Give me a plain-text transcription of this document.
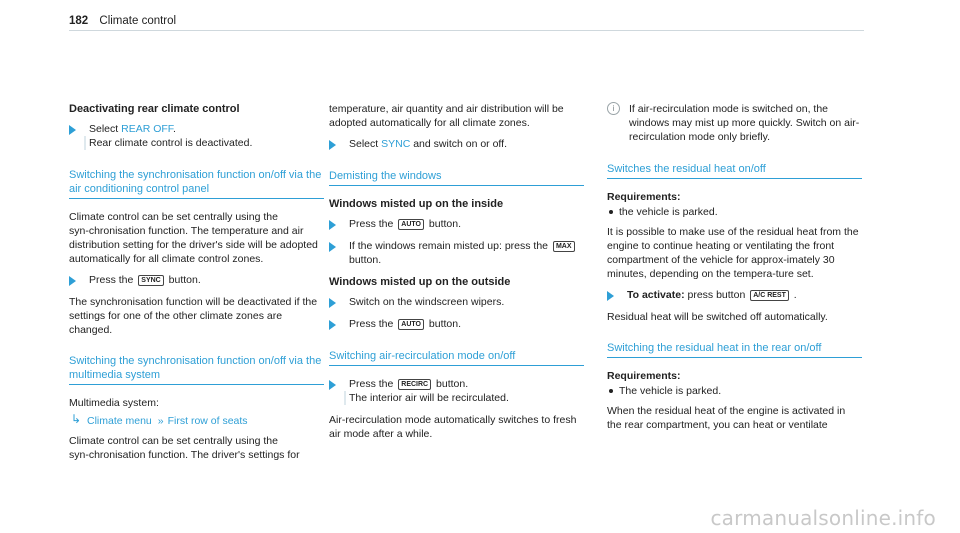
182 Climate control
Deactivating rear climate control
Select REAR OFF.
Rear climate control is deactivated.
Switching the synchronisation function on/off via the air conditioning control panel

Climate control can be set centrally using the syn‑chronisation function. The temperature and air distribution setting for the driver's side will be adopted automatically for all climate control zones.

Press the SYNC button.

The synchronisation function will be deactivated if the settings for one of the other climate zones are changed.

Switching the synchronisation function on/off via the multimedia system

Multimedia system:

↳ Climate menu » First row of seats

Climate control can be set centrally using the syn‑chronisation function. The driver's settings for

temperature, air quantity and air distribution will be adopted automatically for all climate zones.

Select SYNC and switch on or off.
Demisting the windows
Windows misted up on the inside
Press the AUTO button.
If the windows remain misted up: press the MAX button.
Windows misted up on the outside
Switch on the windscreen wipers.
Press the AUTO button.
Switching air-recirculation mode on/off
Press the RECIRC button.
The interior air will be recirculated.

Air-recirculation mode automatically switches to fresh air mode after a while.

i	If air-recirculation mode is switched on, the windows may mist up more quickly. Switch on air-recirculation mode only briefly.
Switches the residual heat on/off
Requirements:
the vehicle is parked.

It is possible to make use of the residual heat from the engine to continue heating or ventilating the front compartment of the vehicle for approx‑imately 30 minutes, depending on the tempera‑ture set.

To activate: press button A/C REST .

Residual heat will be switched off automatically.

Switching the residual heat in the rear on/off
Requirements:
The vehicle is parked.

When the residual heat of the engine is activated in the rear compartment, you can heat or ventilate

carmanualsonline.info
